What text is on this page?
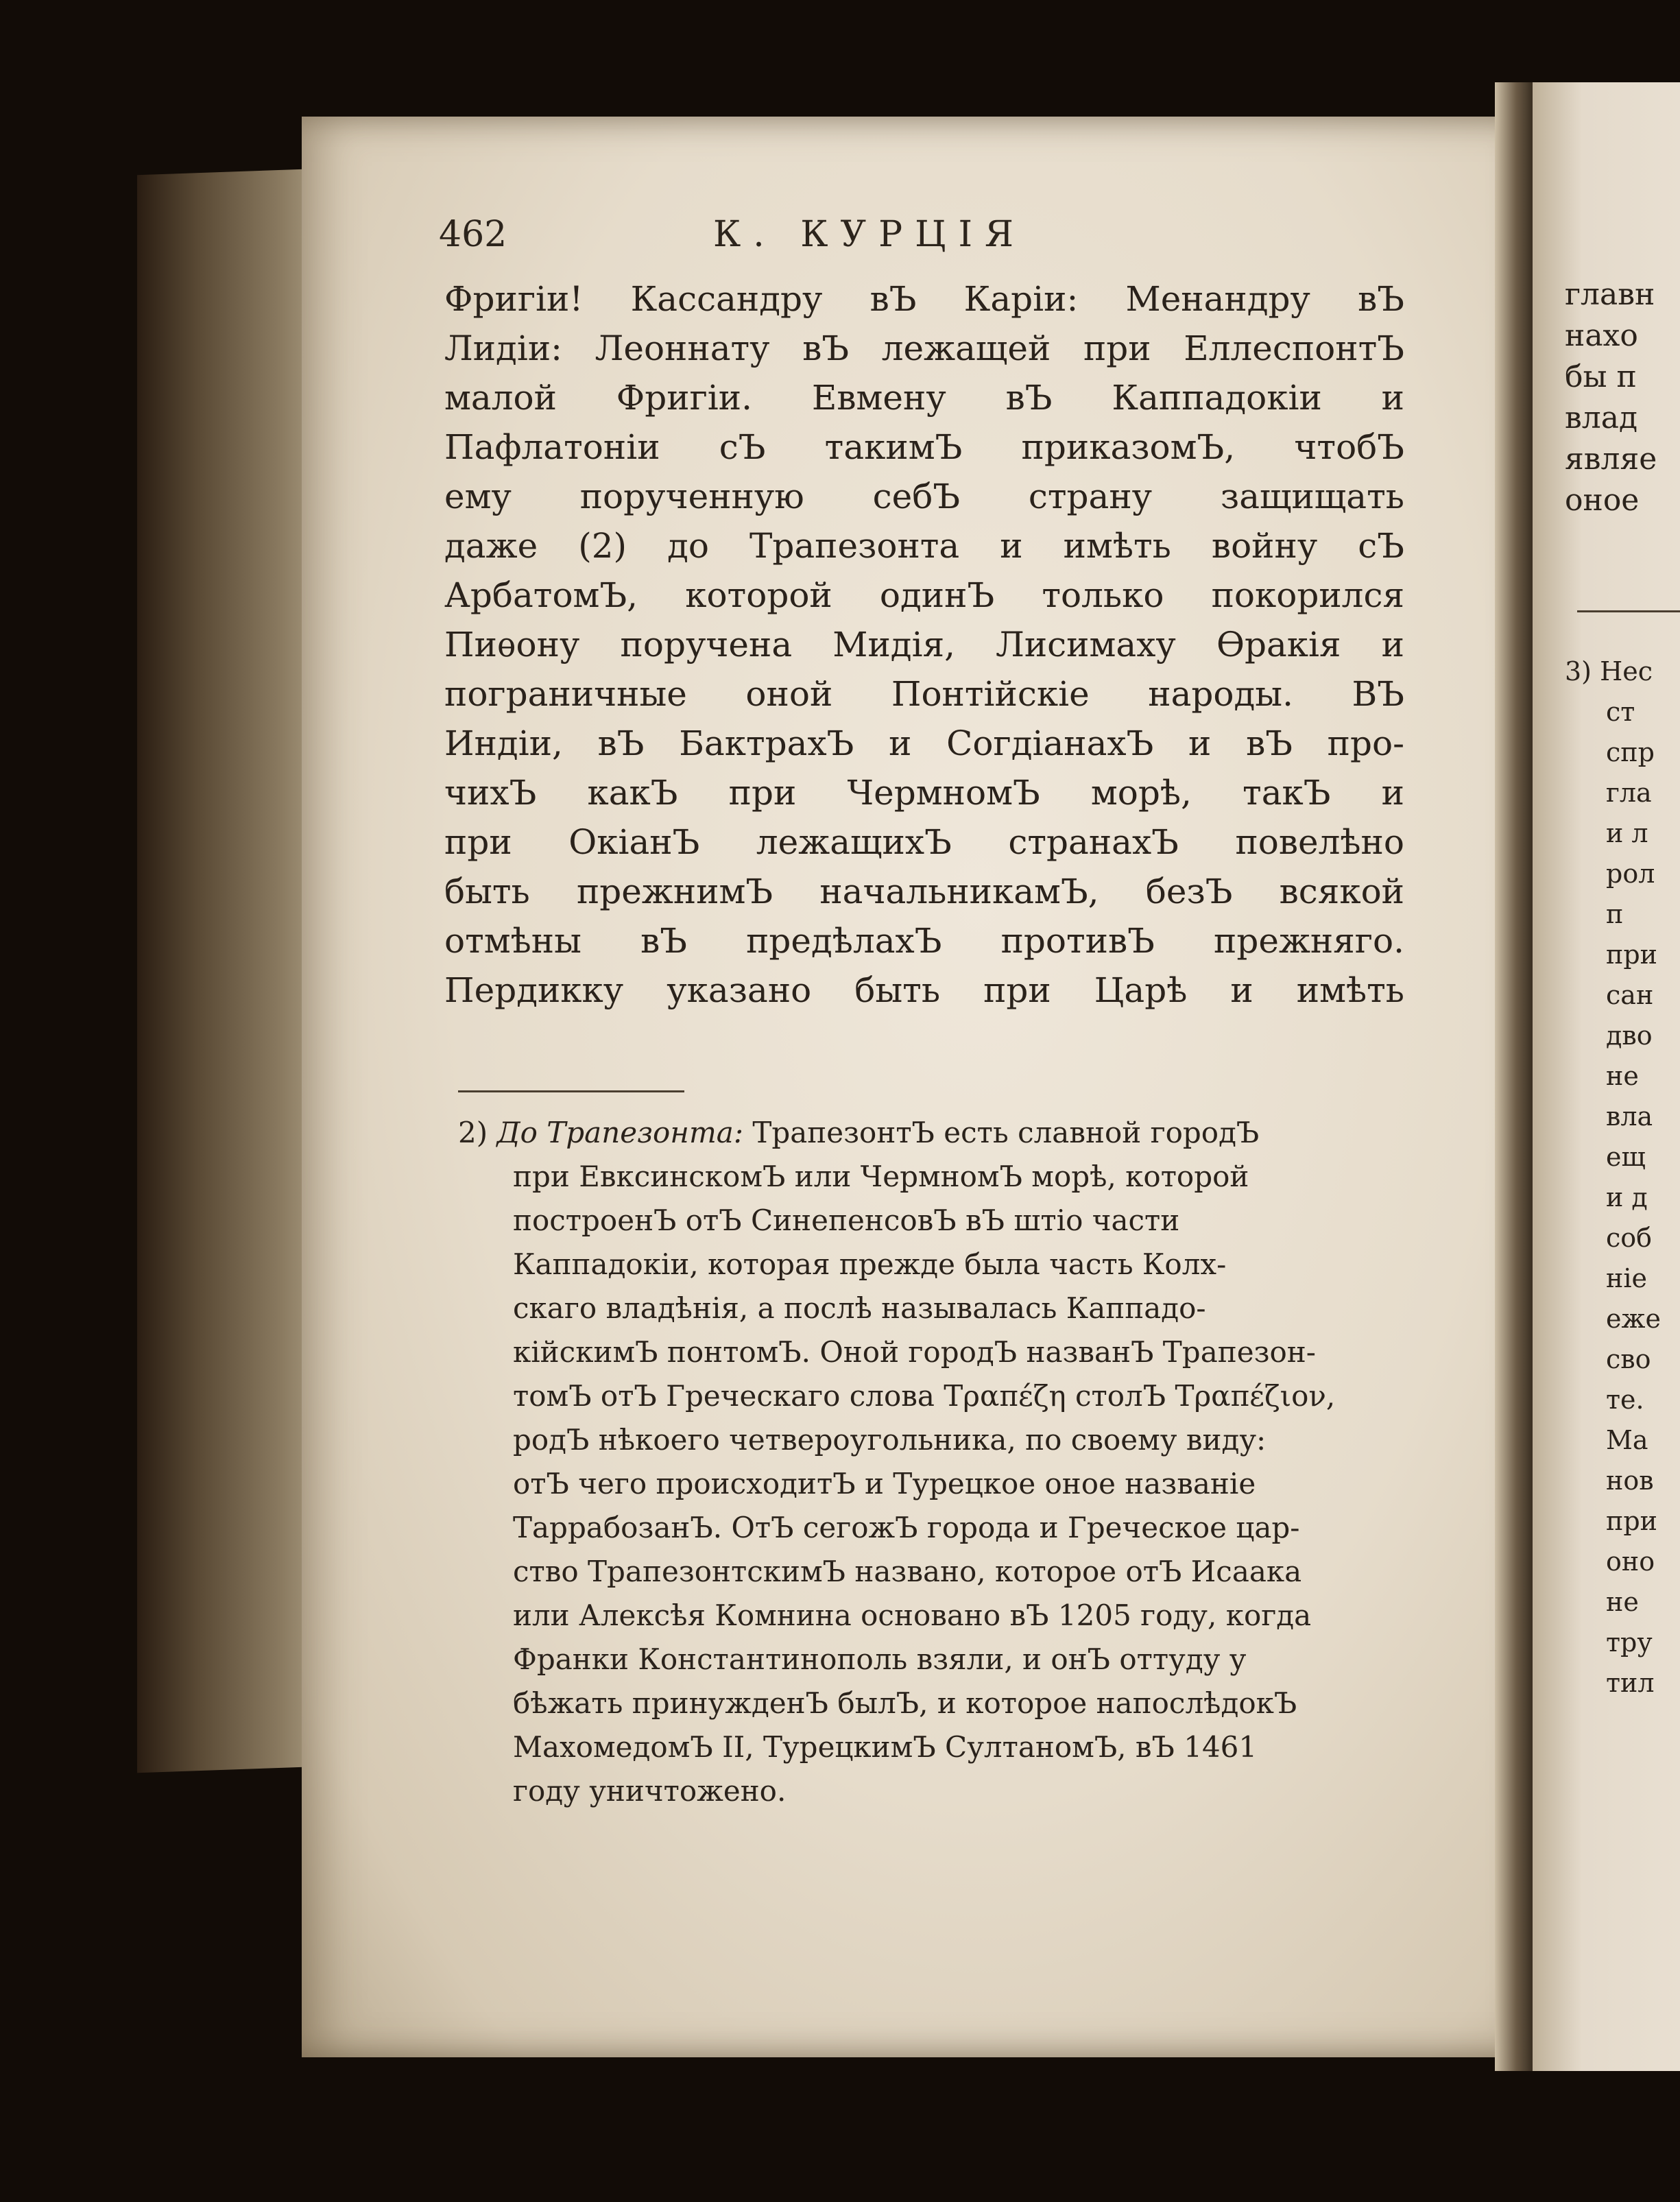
462	К. КУРЦІЯ
Фригіи! Кассандру вЪ Каріи: Менандру вЪ
Лидіи: Леоннату вЪ лежащей при ЕллеспонтЪ
малой Фригіи. Евмену вЪ Каппадокіи и
Пафлатоніи сЪ такимЪ приказомЪ, чтобЪ
ему порученную себЪ страну защищать
даже (2) до Трапезонта и имѣть войну сЪ
АрбатомЪ, которой одинЪ только покорился
Пиѳону поручена Мидія, Лисимаху Ѳракія и
пограничные оной Понтійскіе народы. ВЪ
Индіи, вЪ БактрахЪ и СогдіанахЪ и вЪ про-
чихЪ какЪ при ЧермномЪ морѣ, такЪ и
при ОкіанЪ лежащихЪ странахЪ повелѣно
быть прежнимЪ начальникамЪ, безЪ всякой
отмѣны вЪ предѣлахЪ противЪ прежняго.
Пердикку указано быть при Царѣ и имѣть
2) До Трапезонта: ТрапезонтЪ есть славной городЪ
при ЕвксинскомЪ или ЧермномЪ морѣ, которой
построенЪ отЪ СинепенсовЪ вЪ штіо части
Каппадокіи, которая прежде была часть Колх-
скаго владѣнія, а послѣ называлась Каппадо-
кійскимЪ понтомЪ. Оной городЪ названЪ Трапезон-
томЪ отЪ Греческаго слова Τραπέζη столЪ Τραπέζιον,
родЪ нѣкоего четвероугольника, по своему виду:
отЪ чего происходитЪ и Турецкое оное названіе
ТаррабозанЪ. ОтЪ сегожЪ города и Греческое цар-
ство ТрапезонтскимЪ названо, которое отЪ Исаака
или Алексѣя Комнина основано вЪ 1205 году, когда
Франки Константинополь взяли, и онЪ оттуду у
бѣжать принужденЪ былЪ, и которое напослѣдокЪ
МахомедомЪ II, ТурецкимЪ СултаномЪ, вЪ 1461
году уничтожено.
главн
нахо
бы п
влад
являе
оное
3) Нес
ст
спр
гла
и л
рол
п
при
сан
дво
не
вла
ещ
и д
соб
ніе
еже
сво
те.
Ма
нов
при
оно
не
тру
тил
